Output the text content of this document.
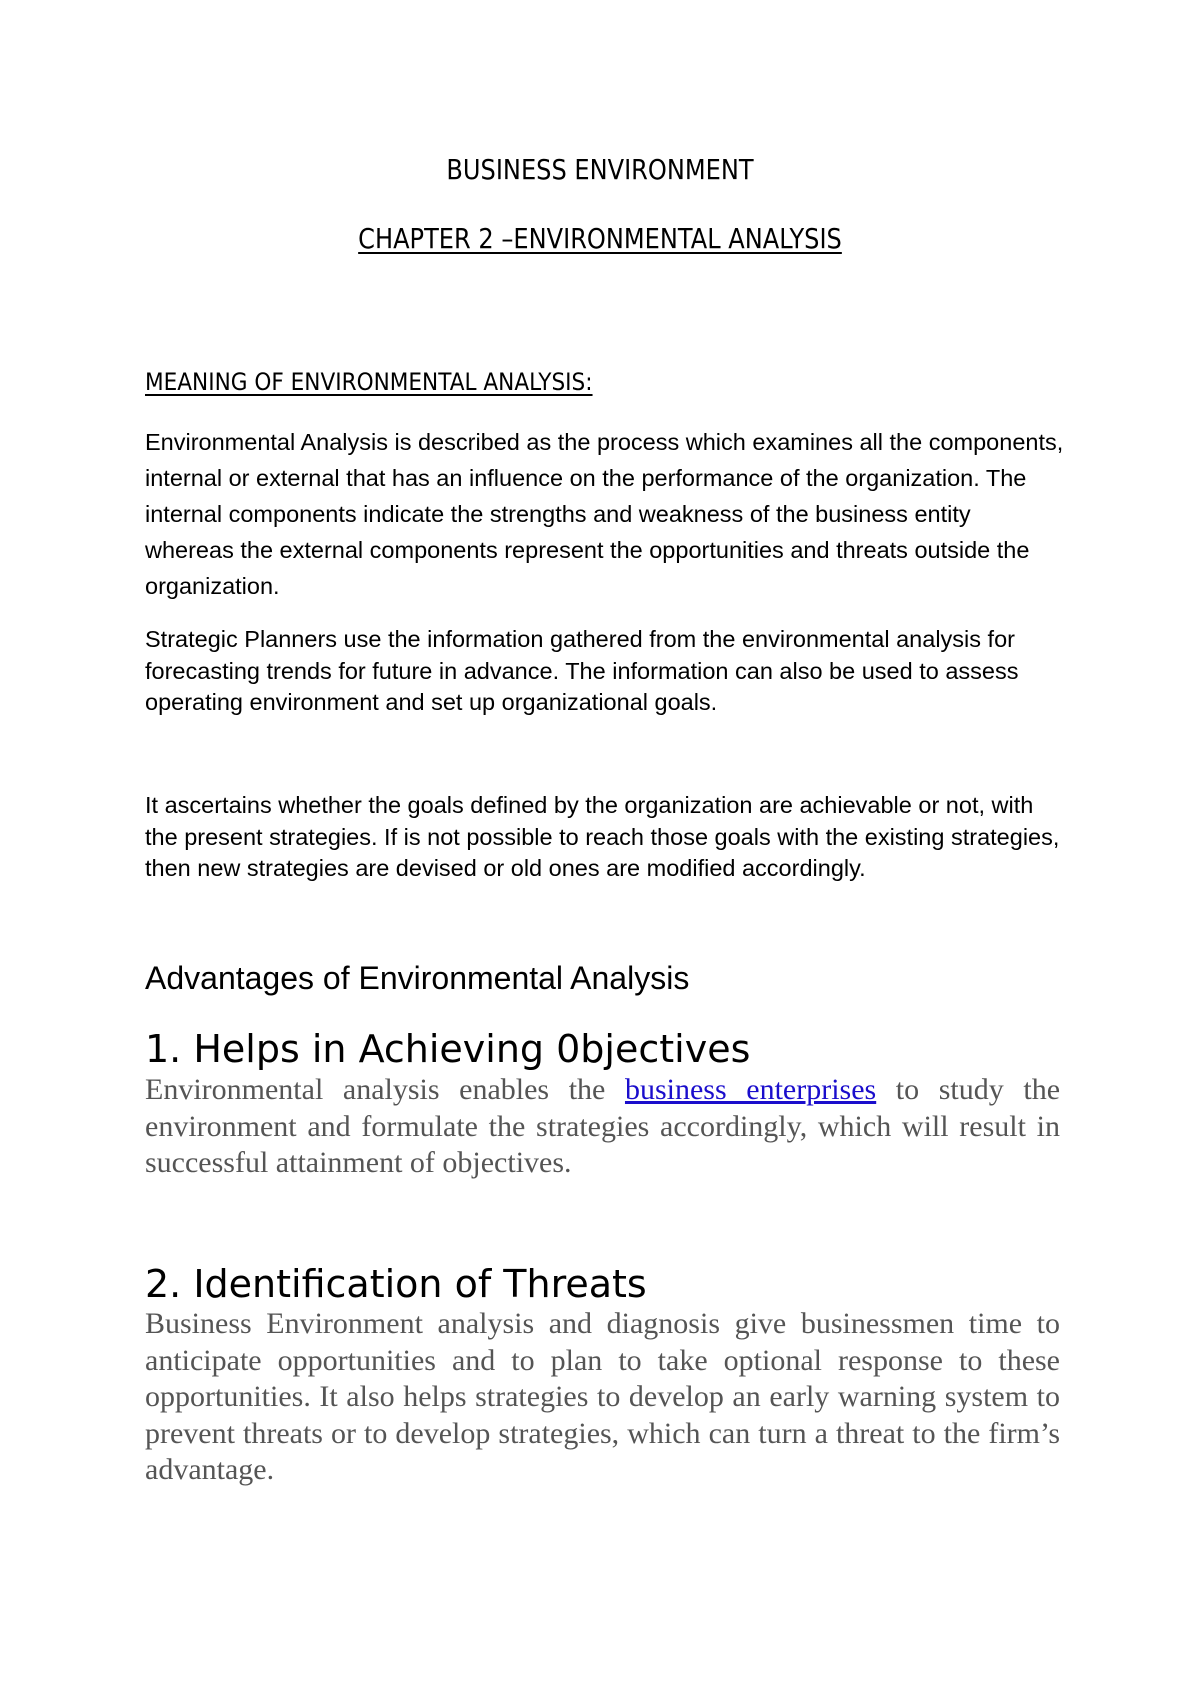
BUSINESS ENVIRONMENT
CHAPTER 2 –ENVIRONMENTAL ANALYSIS
MEANING OF ENVIRONMENTAL ANALYSIS:

Environmental Analysis is described as the process which examines all the components, internal or external that has an influence on the performance of the organization. The internal components indicate the strengths and weakness of the business entity whereas the external components represent the opportunities and threats outside the organization.

Strategic Planners use the information gathered from the environmental analysis for forecasting trends for future in advance. The information can also be used to assess operating environment and set up organizational goals.

It ascertains whether the goals defined by the organization are achievable or not, with the present strategies. If is not possible to reach those goals with the existing strategies, then new strategies are devised or old ones are modified accordingly.

Advantages of Environmental Analysis
1. Helps in Achieving 0bjectives

Environmental analysis enables the business enterprises to study the environment and formulate the strategies accordingly, which will result in successful attainment of objectives.

2. Identification of Threats

Business Environment analysis and diagnosis give businessmen time to anticipate opportunities and to plan to take optional response to these opportunities. It also helps strategies to develop an early warning system to prevent threats or to develop strategies, which can turn a threat to the firm’s advantage.
